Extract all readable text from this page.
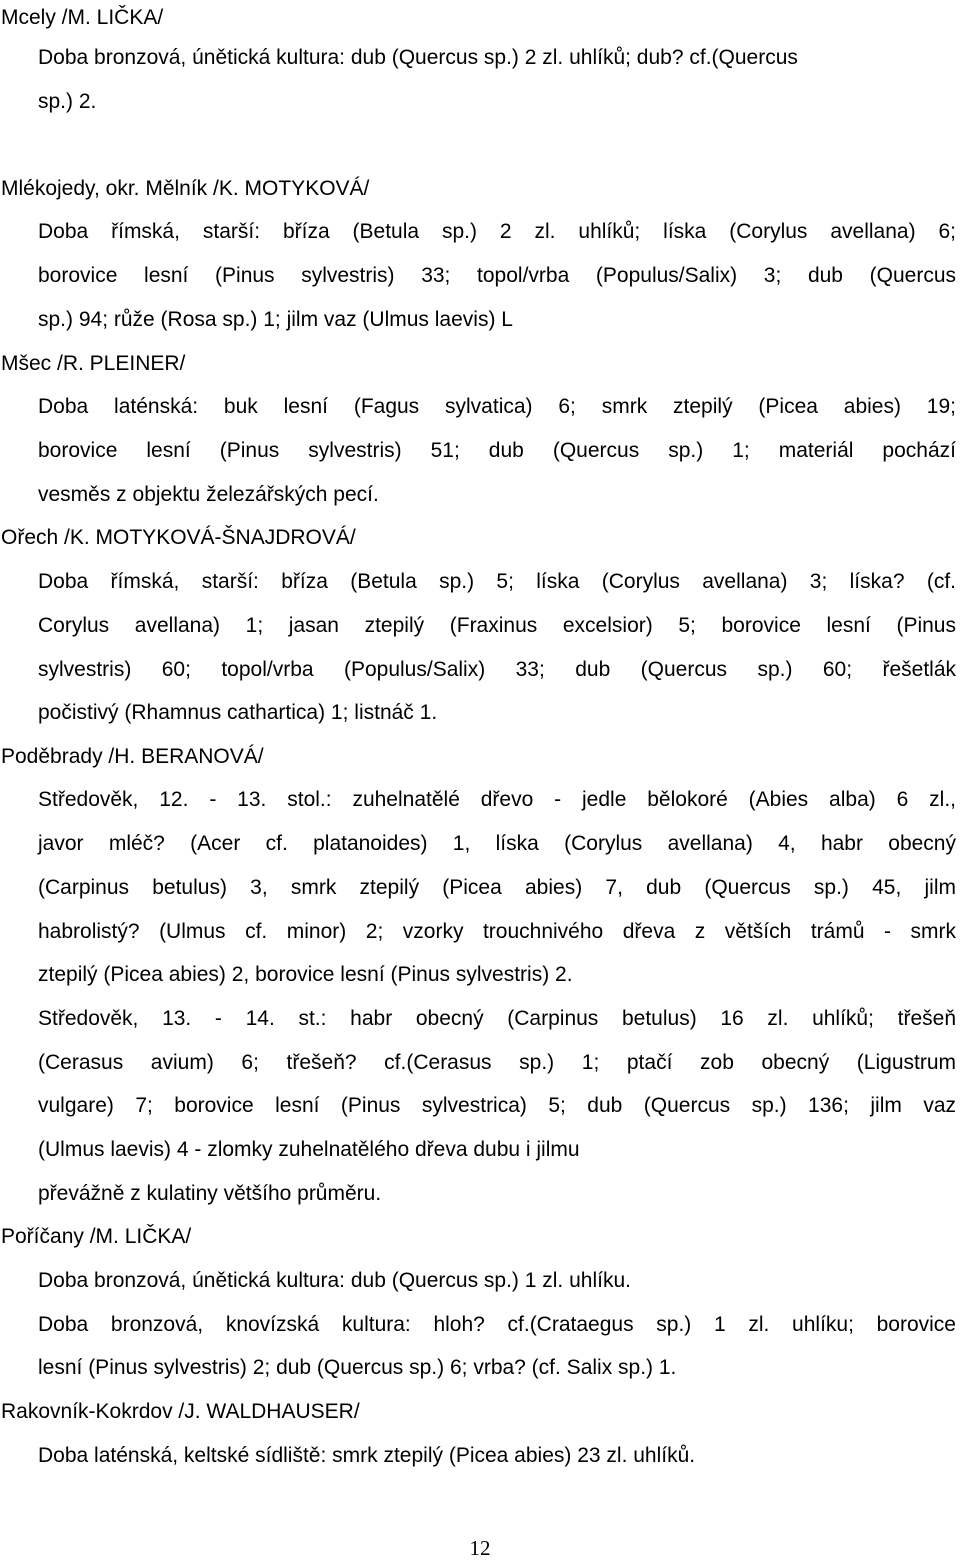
Mcely /M. LIČKA/

Doba bronzová, únětická kultura: dub (Quercus sp.) 2 zl. uhlíků; dub? cf.(Quercus

sp.) 2.

Mlékojedy, okr. Mělník /K. MOTYKOVÁ/

Doba římská, starší: bříza (Betula sp.) 2 zl. uhlíků; líska (Corylus avellana) 6;

borovice lesní (Pinus sylvestris) 33; topol/vrba (Populus/Salix) 3; dub (Quercus

sp.) 94; růže (Rosa sp.) 1; jilm vaz (Ulmus laevis) L

Mšec /R. PLEINER/

Doba laténská: buk lesní (Fagus sylvatica) 6; smrk ztepilý (Picea abies) 19;

borovice lesní (Pinus sylvestris) 51; dub (Quercus sp.) 1; materiál pochází

vesměs z objektu železářských pecí.

Ořech /K. MOTYKOVÁ-ŠNAJDROVÁ/

Doba římská, starší: bříza (Betula sp.) 5; líska (Corylus avellana) 3; líska? (cf.

Corylus avellana) 1; jasan ztepilý (Fraxinus excelsior) 5; borovice lesní (Pinus

sylvestris) 60; topol/vrba (Populus/Salix) 33; dub (Quercus sp.) 60; řešetlák

počistivý (Rhamnus cathartica) 1; listnáč 1.

Poděbrady /H. BERANOVÁ/

Středověk, 12. - 13. stol.: zuhelnatělé dřevo - jedle bělokoré (Abies alba) 6 zl.,

javor mléč? (Acer cf. platanoides) 1, líska (Corylus avellana) 4, habr obecný

(Carpinus betulus) 3, smrk ztepilý (Picea abies) 7, dub (Quercus sp.) 45, jilm

habrolistý? (Ulmus cf. minor) 2; vzorky trouchnivého dřeva z větších trámů - smrk

ztepilý (Picea abies) 2, borovice lesní (Pinus sylvestris) 2.

Středověk, 13. - 14. st.: habr obecný (Carpinus betulus) 16 zl. uhlíků; třešeň

(Cerasus avium) 6; třešeň? cf.(Cerasus sp.) 1; ptačí zob obecný (Ligustrum

vulgare) 7; borovice lesní (Pinus sylvestrica) 5; dub (Quercus sp.) 136; jilm vaz

(Ulmus laevis) 4 - zlomky zuhelnatělého dřeva dubu i jilmu

převážně z kulatiny většího průměru.

Poříčany /M. LIČKA/

Doba bronzová, únětická kultura: dub (Quercus sp.) 1 zl. uhlíku.

Doba bronzová, knovízská kultura: hloh? cf.(Crataegus sp.) 1 zl. uhlíku; borovice

lesní (Pinus sylvestris) 2; dub (Quercus sp.) 6; vrba? (cf. Salix sp.) 1.

Rakovník-Kokrdov /J. WALDHAUSER/

Doba laténská, keltské sídliště: smrk ztepilý (Picea abies) 23 zl. uhlíků.

12
